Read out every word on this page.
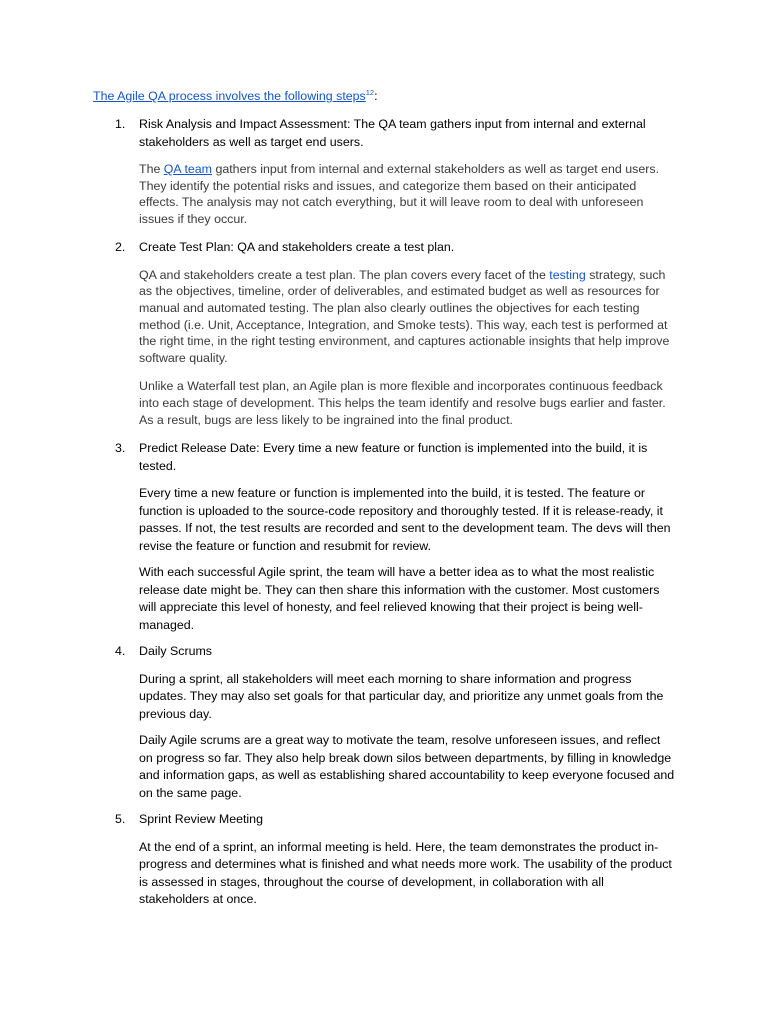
The Agile QA process involves the following steps$^{12}$:
1. Risk Analysis and Impact Assessment: The QA team gathers input from internal and external stakeholders as well as target end users.
The QA team gathers input from internal and external stakeholders as well as target end users. They identify the potential risks and issues, and categorize them based on their anticipated effects. The analysis may not catch everything, but it will leave room to deal with unforeseen issues if they occur.
2. Create Test Plan: QA and stakeholders create a test plan.
QA and stakeholders create a test plan. The plan covers every facet of the testing strategy, such as the objectives, timeline, order of deliverables, and estimated budget as well as resources for manual and automated testing. The plan also clearly outlines the objectives for each testing method (i.e. Unit, Acceptance, Integration, and Smoke tests). This way, each test is performed at the right time, in the right testing environment, and captures actionable insights that help improve software quality.
Unlike a Waterfall test plan, an Agile plan is more flexible and incorporates continuous feedback into each stage of development. This helps the team identify and resolve bugs earlier and faster. As a result, bugs are less likely to be ingrained into the final product.
3. Predict Release Date: Every time a new feature or function is implemented into the build, it is tested.
Every time a new feature or function is implemented into the build, it is tested. The feature or function is uploaded to the source-code repository and thoroughly tested. If it is release-ready, it passes. If not, the test results are recorded and sent to the development team. The devs will then revise the feature or function and resubmit for review.
With each successful Agile sprint, the team will have a better idea as to what the most realistic release date might be. They can then share this information with the customer. Most customers will appreciate this level of honesty, and feel relieved knowing that their project is being well-managed.
4. Daily Scrums
During a sprint, all stakeholders will meet each morning to share information and progress updates. They may also set goals for that particular day, and prioritize any unmet goals from the previous day.
Daily Agile scrums are a great way to motivate the team, resolve unforeseen issues, and reflect on progress so far. They also help break down silos between departments, by filling in knowledge and information gaps, as well as establishing shared accountability to keep everyone focused and on the same page.
5. Sprint Review Meeting
At the end of a sprint, an informal meeting is held. Here, the team demonstrates the product in-progress and determines what is finished and what needs more work. The usability of the product is assessed in stages, throughout the course of development, in collaboration with all stakeholders at once.
